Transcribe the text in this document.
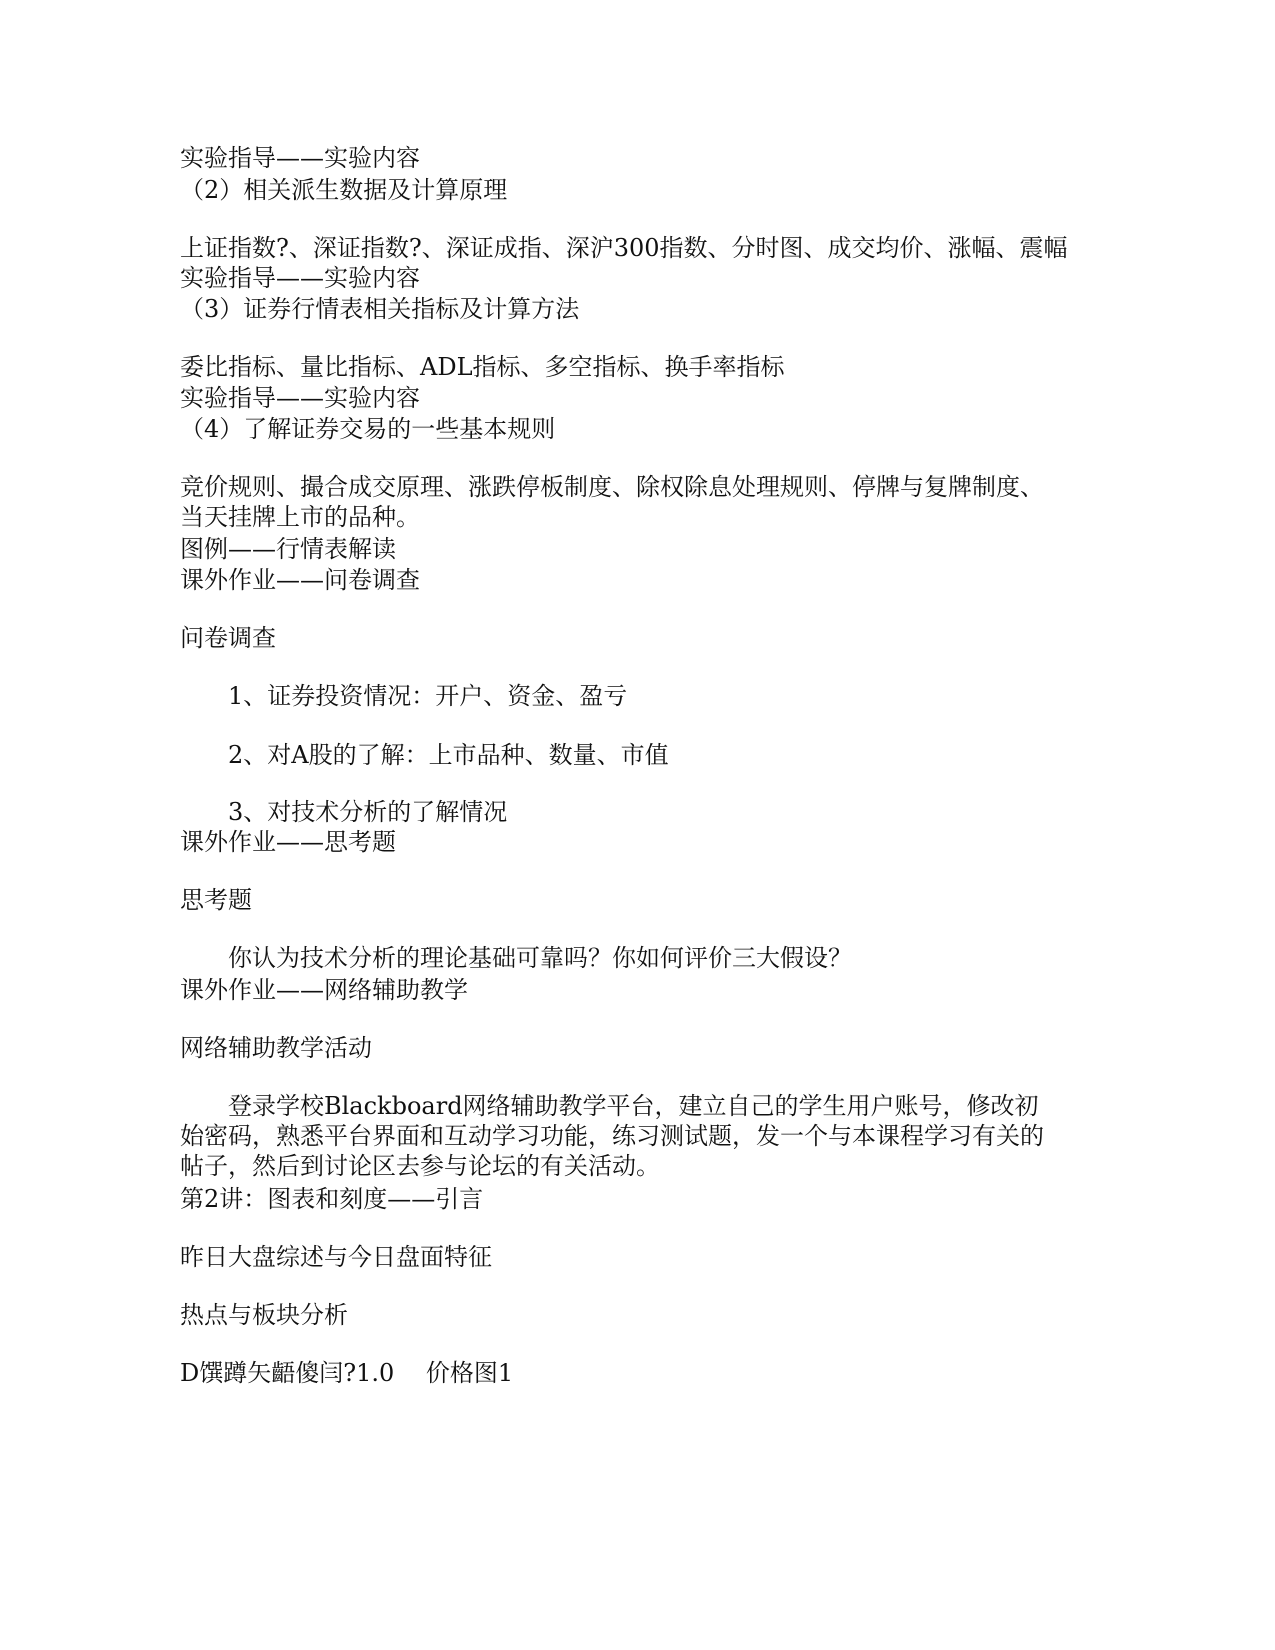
实验指导——实验内容
（2）相关派生数据及计算原理
上证指数?、深证指数?、深证成指、深沪300指数、分时图、成交均价、涨幅、震幅
实验指导——实验内容
（3）证券行情表相关指标及计算方法
委比指标、量比指标、ADL指标、多空指标、换手率指标
实验指导——实验内容
（4）了解证券交易的一些基本规则
竞价规则、撮合成交原理、涨跌停板制度、除权除息处理规则、停牌与复牌制度、当天挂牌上市的品种。
图例——行情表解读
课外作业——问卷调查
问卷调查
1、证券投资情况：开户、资金、盈亏
2、对A股的了解：上市品种、数量、市值
3、对技术分析的了解情况
课外作业——思考题
思考题
你认为技术分析的理论基础可靠吗？你如何评价三大假设？
课外作业——网络辅助教学
网络辅助教学活动
登录学校Blackboard网络辅助教学平台，建立自己的学生用户账号，修改初始密码，熟悉平台界面和互动学习功能，练习测试题，发一个与本课程学习有关的帖子，然后到讨论区去参与论坛的有关活动。
第2讲：图表和刻度——引言
昨日大盘综述与今日盘面特征
热点与板块分析
D馔蹲矢齬傻闫?1.0　 价格图1
